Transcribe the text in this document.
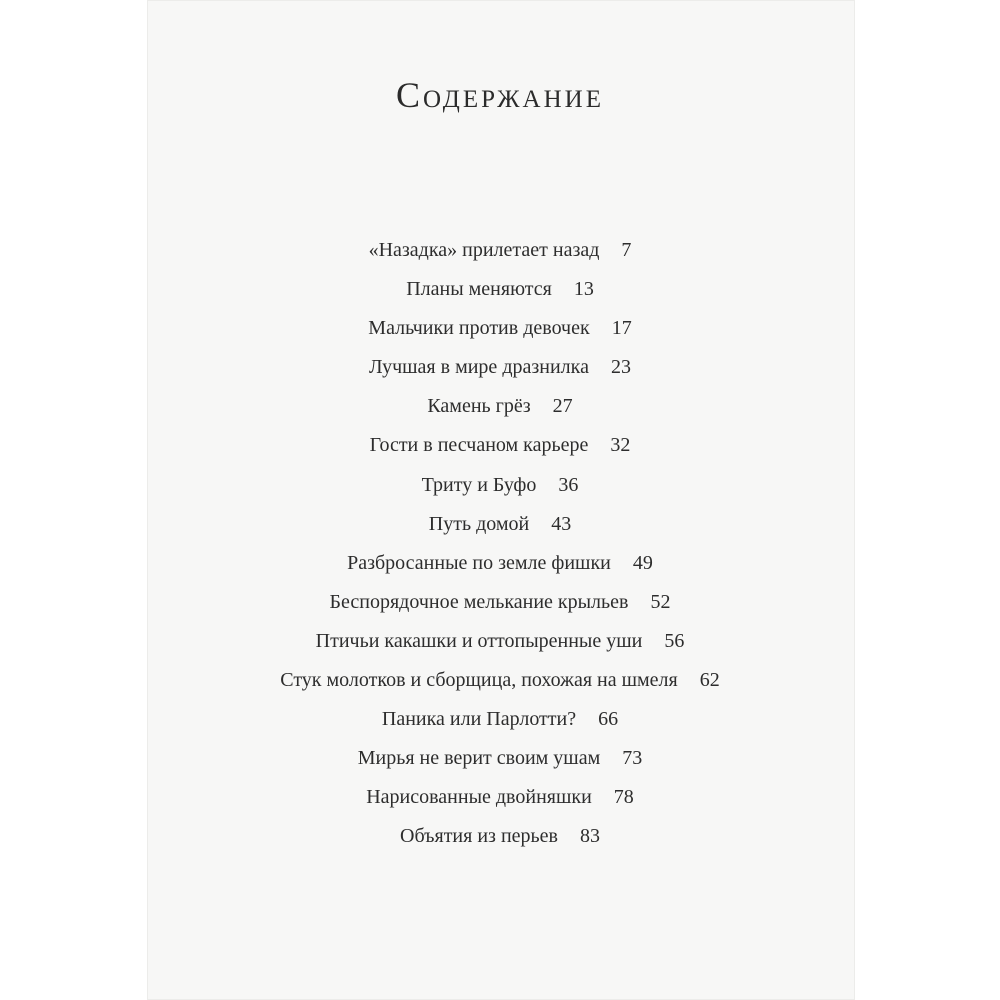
Содержание
«Назадка» прилетает назад 7
Планы меняются 13
Мальчики против девочек 17
Лучшая в мире дразнилка 23
Камень грёз 27
Гости в песчаном карьере 32
Триту и Буфо 36
Путь домой 43
Разбросанные по земле фишки 49
Беспорядочное мелькание крыльев 52
Птичьи какашки и оттопыренные уши 56
Стук молотков и сборщица, похожая на шмеля 62
Паника или Парлотти? 66
Мирья не верит своим ушам 73
Нарисованные двойняшки 78
Объятия из перьев 83
